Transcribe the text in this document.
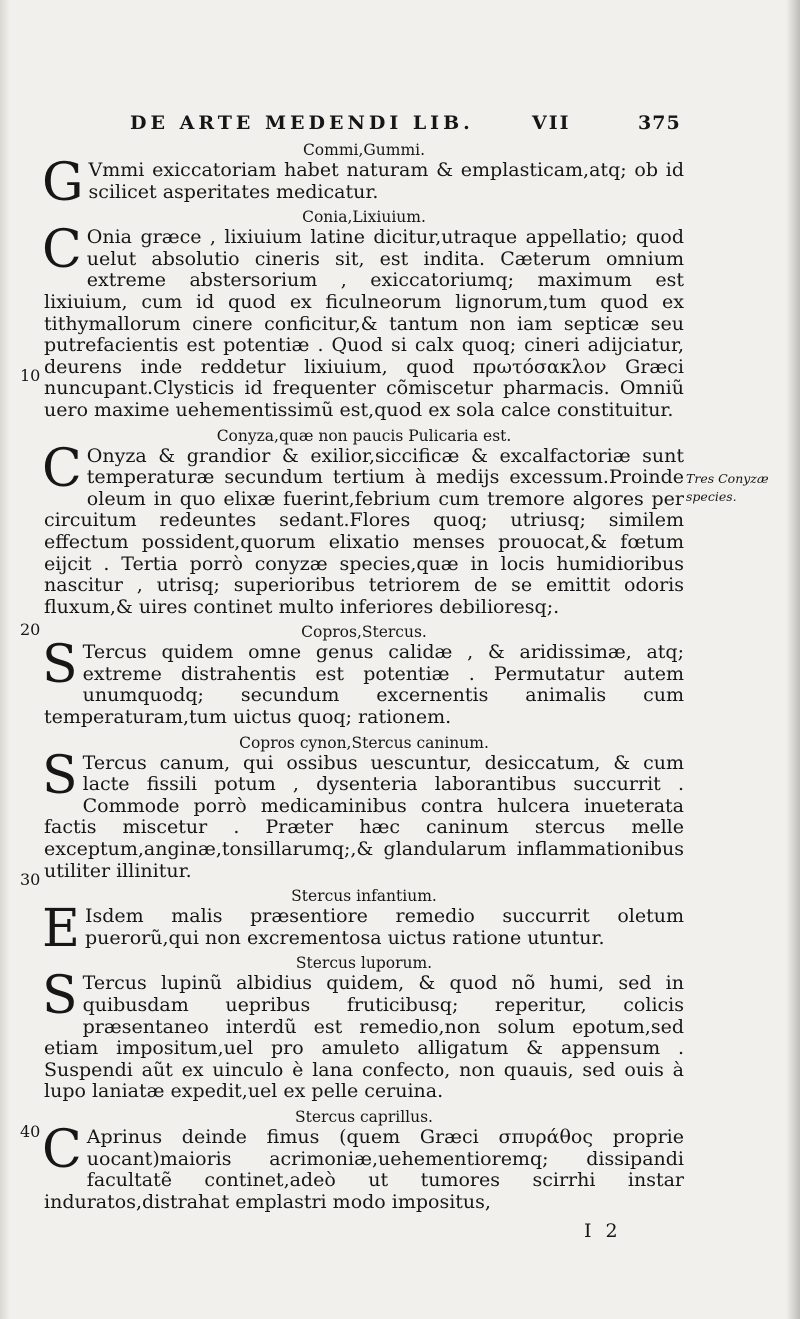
DE ARTE MEDENDI LIB.	VII	375
Commi,Gummi.

G Vmmi exiccatoriam habet naturam & emplasticam,atq; ob id scilicet asperitates medicatur.

Conia,Lixiuium.

C Onia græce , lixiuium latine dicitur,utraque appellatio; quod uelut absolutio cineris sit, est indita. Cæterum omnium extreme abstersorium , exiccatoriumq; maximum est lixiuium, cum id quod ex ficulneorum lignorum,tum quod ex tithymallorum cinere conficitur,& tantum non iam septicæ seu putrefacientis est potentiæ . Quod si calx quoq; cineri adijciatur, deurens inde reddetur lixiuium, quod πρωτόσακλον Græci nuncupant.Clysticis id frequenter cõmiscetur pharmacis. Omniũ uero maxime uehementissimũ est,quod ex sola calce constituitur.

Conyza,quæ non paucis Pulicaria est.

C Onyza & grandior & exilior,siccificæ & excalfactoriæ sunt temperaturæ secundum tertium à medijs excessum.Proinde oleum in quo elixæ fuerint,febrium cum tremore algores per circuitum redeuntes sedant.Flores quoq; utriusq; similem effectum possident,quorum elixatio menses prouocat,& fœtum eijcit . Tertia porrò conyzæ species,quæ in locis humidioribus nascitur , utrisq; superioribus tetriorem de se emittit odoris fluxum,& uires continet multo inferiores debilioresq;.

Copros,Stercus.

S Tercus quidem omne genus calidæ , & aridissimæ, atq; extreme distrahentis est potentiæ . Permutatur autem unumquodq; secundum excernentis animalis cum temperaturam,tum uictus quoq; rationem.

Copros cynon,Stercus caninum.

S Tercus canum, qui ossibus uescuntur, desiccatum, & cum lacte fissili potum , dysenteria laborantibus succurrit . Commode porrò medicaminibus contra hulcera inueterata factis miscetur . Præter hæc caninum stercus melle exceptum,anginæ,tonsillarumq;,& glandularum inflammationibus utiliter illinitur.

Stercus infantium.

E Isdem malis præsentiore remedio succurrit oletum puerorũ,qui non excrementosa uictus ratione utuntur.

Stercus luporum.

S Tercus lupinũ albidius quidem, & quod nõ humi, sed in quibusdam uepribus fruticibusq; reperitur, colicis præsentaneo interdũ est remedio,non solum epotum,sed etiam impositum,uel pro amuleto alligatum & appensum . Suspendi aũt ex uinculo è lana confecto, non quauis, sed ouis à lupo laniatæ expedit,uel ex pelle ceruina.

Stercus caprillus.

C Aprinus deinde fimus (quem Græci σπυράθος proprie uocant)maioris acrimoniæ,uehementioremq; dissipandi facultatẽ continet,adeò ut tumores scirrhi instar induratos,distrahat emplastri modo impositus,

Tres Conyzæ species.
10
20
30
40
I 2
